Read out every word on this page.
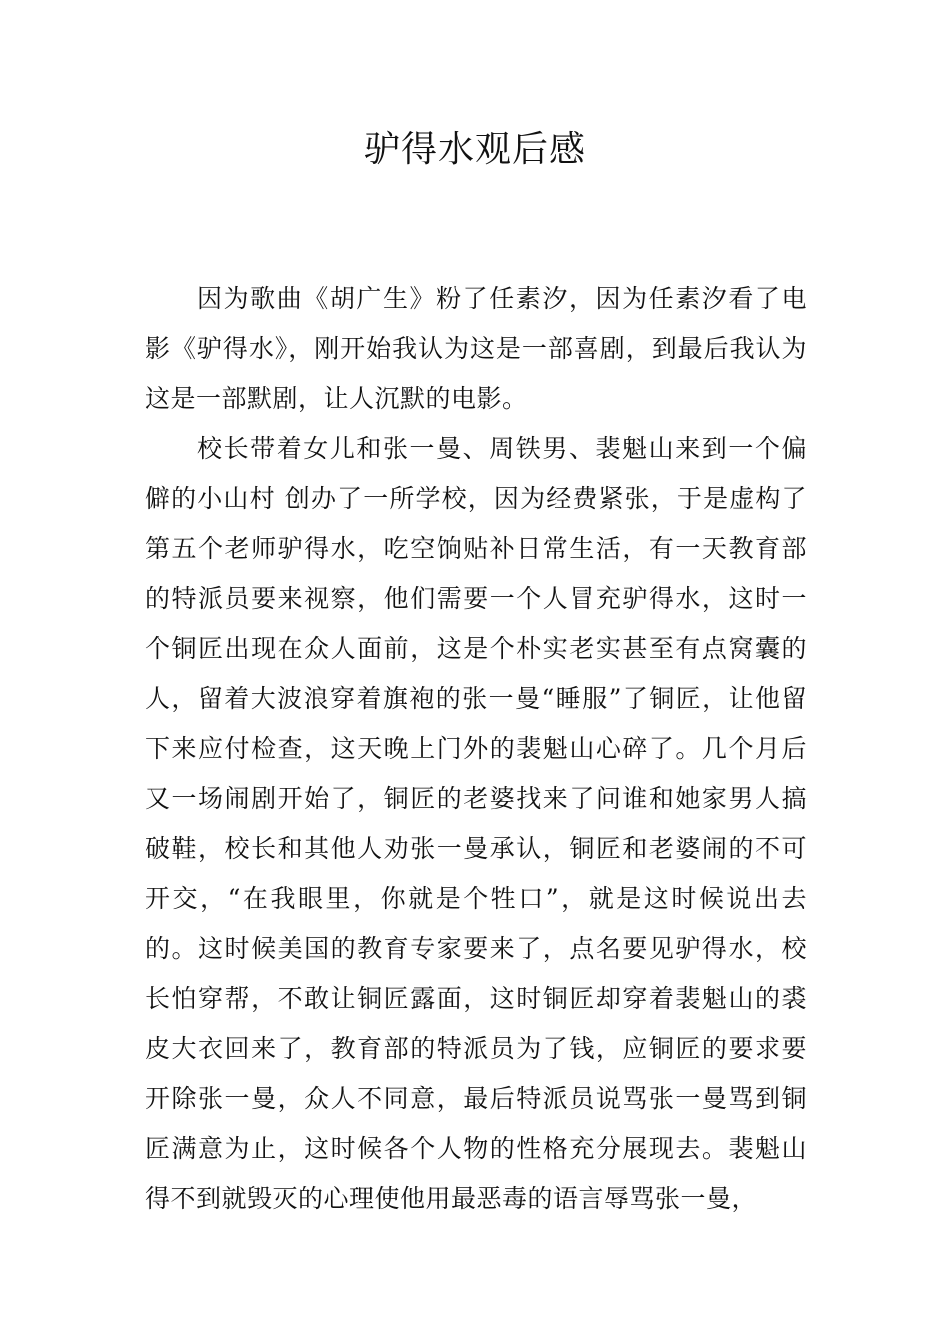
驴得水观后感

因为歌曲《胡广生》粉了任素汐，因为任素汐看了电影《驴得水》，刚开始我认为这是一部喜剧，到最后我认为这是一部默剧，让人沉默的电影。

校长带着女儿和张一曼、周铁男、裴魁山来到一个偏僻的小山村 创办了一所学校，因为经费紧张，于是虚构了第五个老师驴得水，吃空饷贴补日常生活，有一天教育部的特派员要来视察，他们需要一个人冒充驴得水，这时一个铜匠出现在众人面前，这是个朴实老实甚至有点窝囊的人，留着大波浪穿着旗袍的张一曼“睡服”了铜匠，让他留下来应付检查，这天晚上门外的裴魁山心碎了。几个月后又一场闹剧开始了，铜匠的老婆找来了问谁和她家男人搞破鞋，校长和其他人劝张一曼承认，铜匠和老婆闹的不可开交，“在我眼里，你就是个牲口”，就是这时候说出去的。这时候美国的教育专家要来了，点名要见驴得水，校长怕穿帮，不敢让铜匠露面，这时铜匠却穿着裴魁山的裘皮大衣回来了，教育部的特派员为了钱，应铜匠的要求要开除张一曼，众人不同意，最后特派员说骂张一曼骂到铜匠满意为止，这时候各个人物的性格充分展现去。裴魁山得不到就毁灭的心理使他用最恶毒的语言辱骂张一曼，
